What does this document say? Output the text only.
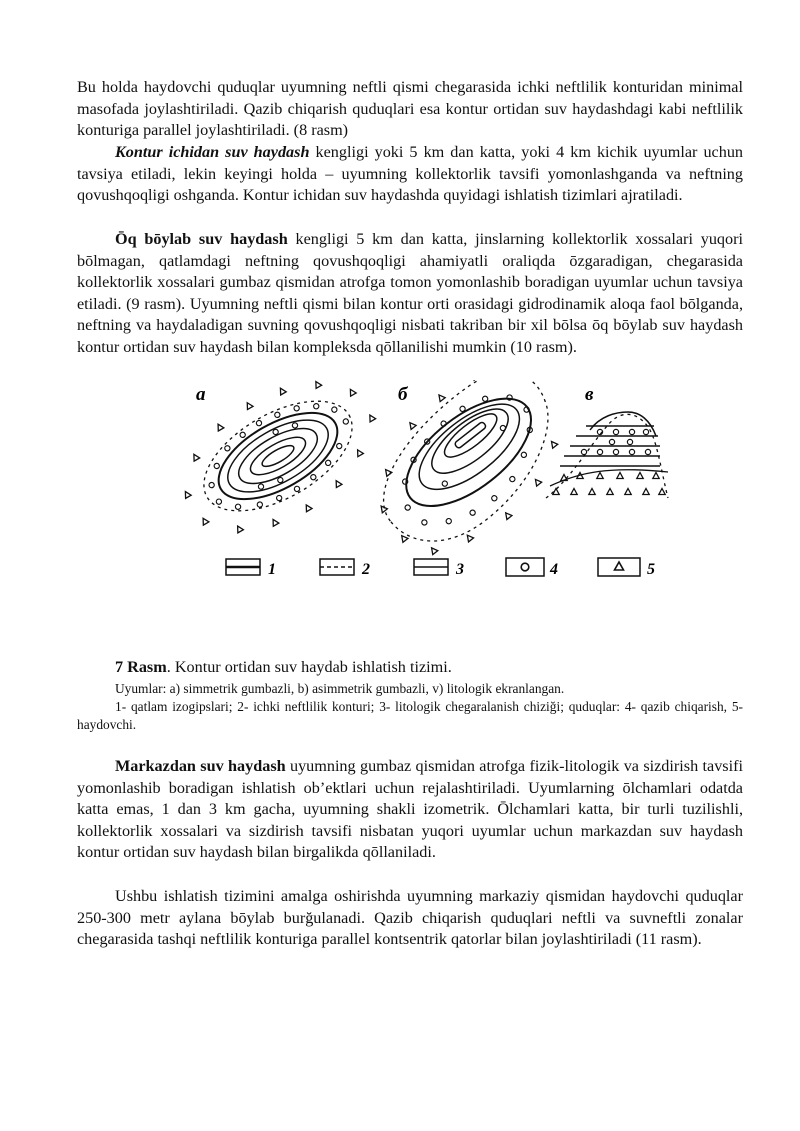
Bu holda haydovchi quduqlar uyumning neftli qismi chegarasida ichki neftlilik konturidan minimal masofada joylashtiriladi. Qazib chiqarish quduqlari esa kontur ortidan suv haydashdagi kabi neftlilik konturiga parallel joylashtiriladi. (8 rasm)

Kontur ichidan suv haydash kengligi yoki 5 km dan katta, yoki 4 km kichik uyumlar uchun tavsiya etiladi, lekin keyingi holda – uyumning kollektorlik tavsifi yomonlashganda va neftning qovushqoqligi oshganda. Kontur ichidan suv haydashda quyidagi ishlatish tizimlari ajratiladi.

Ōq bōylab suv haydash kengligi 5 km dan katta, jinslarning kollektorlik xossalari yuqori bōlmagan, qatlamdagi neftning qovushqoqligi ahamiyatli oraliqda ōzgaradigan, chegarasida kollektorlik xossalari gumbaz qismidan atrofga tomon yomonlashib boradigan uyumlar uchun tavsiya etiladi. (9 rasm). Uyumning neftli qismi bilan kontur orti orasidagi gidrodinamik aloqa faol bōlganda, neftning va haydaladigan suvning qovushqoqligi nisbati takriban bir xil bōlsa ōq bōylab suv haydash kontur ortidan suv haydash bilan kompleksda qōllanilishi mumkin (10 rasm).

a	б	в
1	2	3	4	5

7 Rasm. Kontur ortidan suv haydab ishlatish tizimi.

Uyumlar: a) simmetrik gumbazli, b) asimmetrik gumbazli, v) litologik ekranlangan.

1- qatlam izogipslari; 2- ichki neftlilik konturi; 3- litologik chegaralanish chiziği; quduqlar: 4- qazib chiqarish, 5- haydovchi.

Markazdan suv haydash uyumning gumbaz qismidan atrofga fizik-litologik va sizdirish tavsifi yomonlashib boradigan ishlatish ob’ektlari uchun rejalashtiriladi. Uyumlarning ōlchamlari odatda katta emas, 1 dan 3 km gacha, uyumning shakli izometrik. Ōlchamlari katta, bir turli tuzilishli, kollektorlik xossalari va sizdirish tavsifi nisbatan yuqori uyumlar uchun markazdan suv haydash kontur ortidan suv haydash bilan birgalikda qōllaniladi.

Ushbu ishlatish tizimini amalga oshirishda uyumning markaziy qismidan haydovchi quduqlar 250-300 metr aylana bōylab burğulanadi. Qazib chiqarish quduqlari neftli va suvneftli zonalar chegarasida tashqi neftlilik konturiga parallel kontsentrik qatorlar bilan joylashtiriladi (11 rasm).
